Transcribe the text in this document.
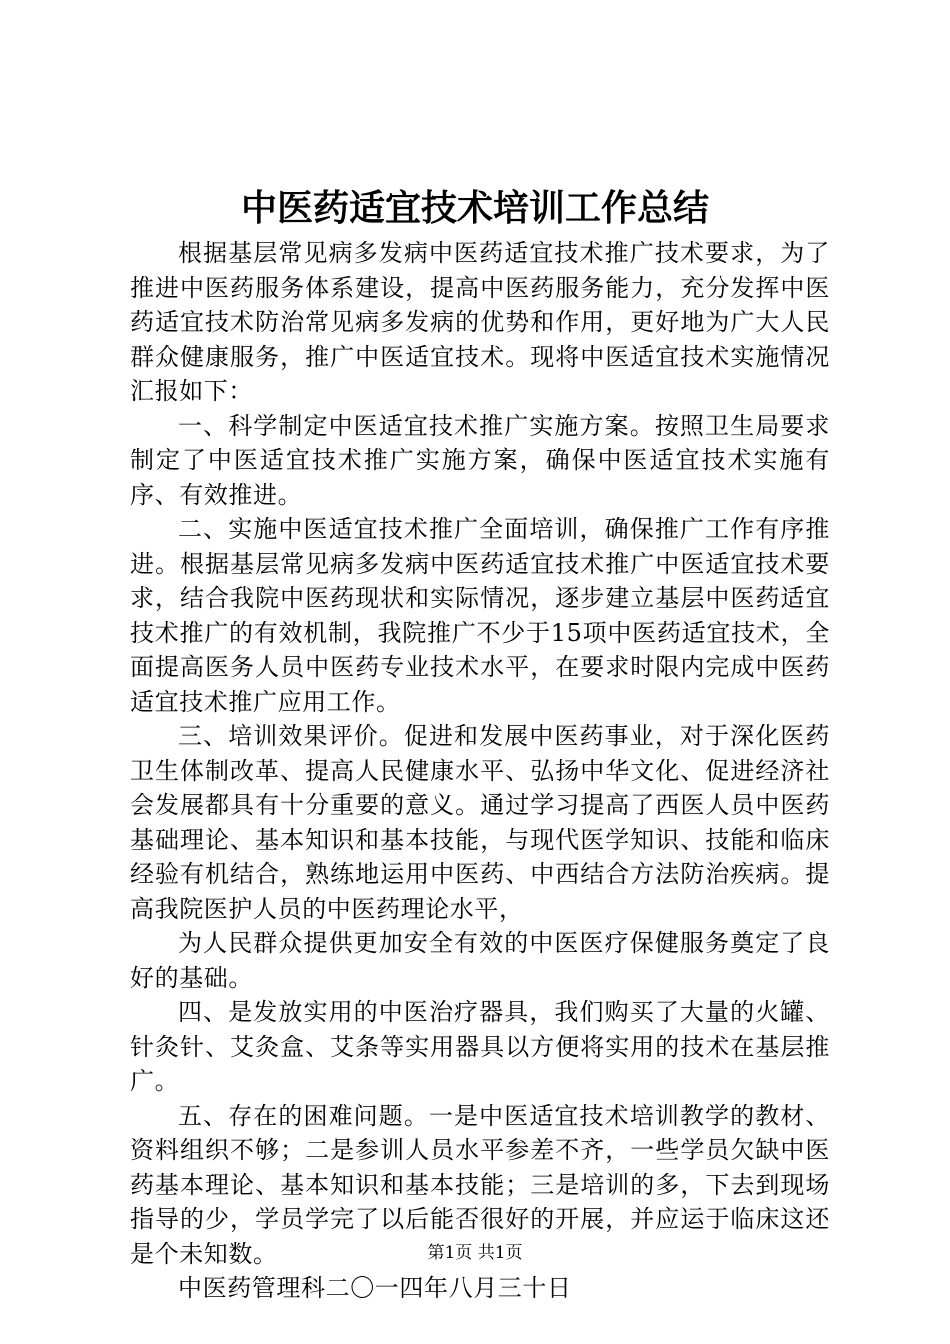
中医药适宜技术培训工作总结

根据基层常见病多发病中医药适宜技术推广技术要求，为了推进中医药服务体系建设，提高中医药服务能力，充分发挥中医药适宜技术防治常见病多发病的优势和作用，更好地为广大人民群众健康服务，推广中医适宜技术。现将中医适宜技术实施情况汇报如下：

一、科学制定中医适宜技术推广实施方案。按照卫生局要求制定了中医适宜技术推广实施方案，确保中医适宜技术实施有序、有效推进。

二、实施中医适宜技术推广全面培训，确保推广工作有序推进。根据基层常见病多发病中医药适宜技术推广中医适宜技术要求，结合我院中医药现状和实际情况，逐步建立基层中医药适宜技术推广的有效机制，我院推广不少于15项中医药适宜技术，全面提高医务人员中医药专业技术水平，在要求时限内完成中医药适宜技术推广应用工作。

三、培训效果评价。促进和发展中医药事业，对于深化医药卫生体制改革、提高人民健康水平、弘扬中华文化、促进经济社会发展都具有十分重要的意义。通过学习提高了西医人员中医药基础理论、基本知识和基本技能，与现代医学知识、技能和临床经验有机结合，熟练地运用中医药、中西结合方法防治疾病。提高我院医护人员的中医药理论水平，

为人民群众提供更加安全有效的中医医疗保健服务奠定了良好的基础。

四、是发放实用的中医治疗器具，我们购买了大量的火罐、针灸针、艾灸盒、艾条等实用器具以方便将实用的技术在基层推广。

五、存在的困难问题。一是中医适宜技术培训教学的教材、资料组织不够；二是参训人员水平参差不齐，一些学员欠缺中医药基本理论、基本知识和基本技能；三是培训的多，下去到现场指导的少，学员学完了以后能否很好的开展，并应运于临床这还是个未知数。

中医药管理科二〇一四年八月三十日

第1页 共1页
